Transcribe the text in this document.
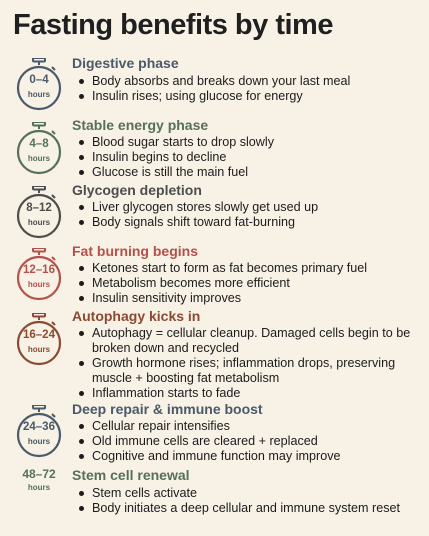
Fasting benefits by time
0–4
hours
Digestive phase
Body absorbs and breaks down your last meal
Insulin rises; using glucose for energy
4–8
hours
Stable energy phase
Blood sugar starts to drop slowly
Insulin begins to decline
Glucose is still the main fuel
8–12
hours
Glycogen depletion
Liver glycogen stores slowly get used up
Body signals shift toward fat-burning
12–16
hours
Fat burning begins
Ketones start to form as fat becomes primary fuel
Metabolism becomes more efficient
Insulin sensitivity improves
16–24
hours
Autophagy kicks in
Autophagy = cellular cleanup. Damaged cells begin to be broken down and recycled
Growth hormone rises; inflammation drops, preserving muscle + boosting fat metabolism
Inflammation starts to fade
24–36
hours
Deep repair & immune boost
Cellular repair intensifies
Old immune cells are cleared + replaced
Cognitive and immune function may improve
48–72
hours
Stem cell renewal
Stem cells activate
Body initiates a deep cellular and immune system reset
